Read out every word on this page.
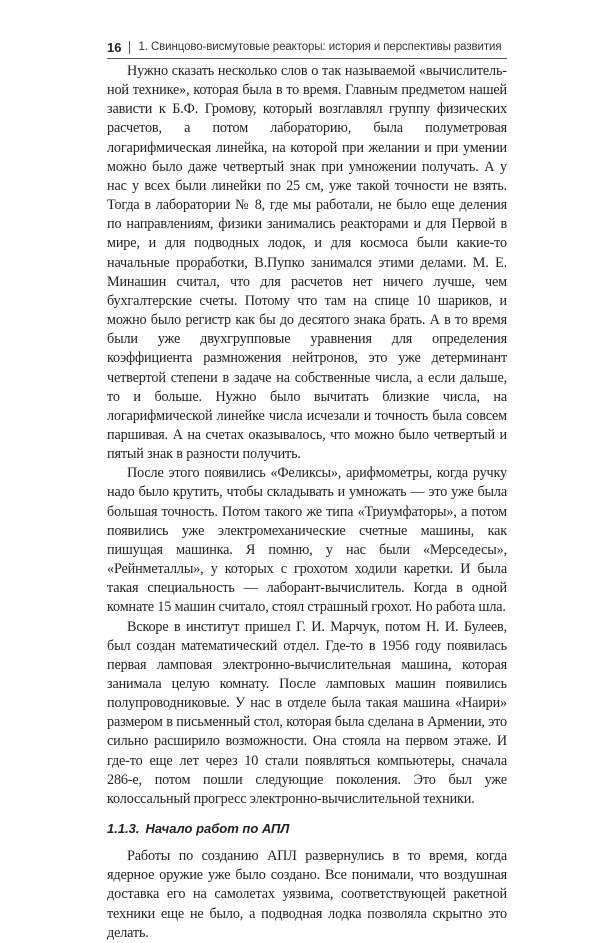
16 1. Свинцово-висмутовые реакторы: история и перспективы развития

Нужно сказать несколько слов о так называемой «вычислительной технике», которая была в то время. Главным предметом нашей зависти к Б.Ф. Громову, который возглавлял группу физических расчетов, а потом лабораторию, была полуметровая логарифмическая линейка, на которой при желании и при умении можно было даже четвертый знак при умножении получать. А у нас у всех были линейки по 25 см, уже такой точности не взять. Тогда в лаборатории № 8, где мы работали, не было еще деления по направлениям, физики занимались реакторами и для Первой в мире, и для подводных лодок, и для космоса были какие-то начальные проработки, В.Пупко занимался этими делами. М. Е. Минашин считал, что для расчетов нет ничего лучше, чем бухгалтерские счеты. Потому что там на спице 10 шариков, и можно было регистр как бы до десятого знака брать. А в то время были уже двухгрупповые уравнения для определения коэффициента размножения нейтронов, это уже детерминант четвертой степени в задаче на собственные числа, а если дальше, то и больше. Нужно было вычитать близкие числа, на логарифмической линейке числа исчезали и точность была совсем паршивая. А на счетах оказывалось, что можно было четвертый и пятый знак в разности получить.

После этого появились «Феликсы», арифмометры, когда ручку надо было крутить, чтобы складывать и умножать — это уже была большая точность. Потом такого же типа «Триумфаторы», а потом появились уже электромеханические счетные машины, как пишущая машинка. Я помню, у нас были «Мерседесы», «Рейнметаллы», у которых с грохотом ходили каретки. И была такая специальность — лаборант-вычислитель. Когда в одной комнате 15 машин считало, стоял страшный грохот. Но работа шла.

Вскоре в институт пришел Г. И. Марчук, потом Н. И. Булеев, был создан математический отдел. Где-то в 1956 году появилась первая ламповая электронно-вычислительная машина, которая занимала целую комнату. После ламповых машин появились полупроводниковые. У нас в отделе была такая машина «Наири» размером в письменный стол, которая была сделана в Армении, это сильно расширило возможности. Она стояла на первом этаже. И где-то еще лет через 10 стали появляться компьютеры, сначала 286-е, потом пошли следующие поколения. Это был уже колоссальный прогресс электронно-вычислительной техники.

1.1.3. Начало работ по АПЛ

Работы по созданию АПЛ развернулись в то время, когда ядерное оружие уже было создано. Все понимали, что воздушная доставка его на самолетах уязвима, соответствующей ракетной техники еще не было, а подводная лодка позволяла скрытно это делать.
